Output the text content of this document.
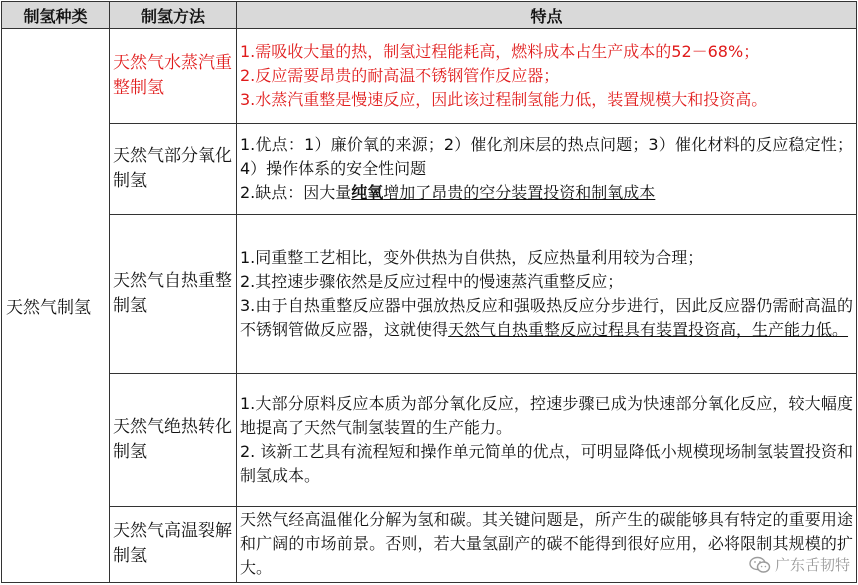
制氢种类	制氢方法	特点
天然气制氢	天然气水蒸汽重整制氢	1.需吸收大量的热，制氢过程能耗高，燃料成本占生产成本的52－68%；
2.反应需要昂贵的耐高温不锈钢管作反应器；
3.水蒸汽重整是慢速反应，因此该过程制氢能力低，装置规模大和投资高。

	天然气部分氧化制氢	1.优点：1）廉价氧的来源；2）催化剂床层的热点问题；3）催化材料的反应稳定性；4）操作体系的安全性问题
2.缺点：因大量纯氧增加了昂贵的空分装置投资和制氧成本

	天然气自热重整制氢	1.同重整工艺相比，变外供热为自供热，反应热量利用较为合理；
2.其控速步骤依然是反应过程中的慢速蒸汽重整反应；
3.由于自热重整反应器中强放热反应和强吸热反应分步进行，因此反应器仍需耐高温的不锈钢管做反应器，这就使得天然气自热重整反应过程具有装置投资高，生产能力低。

	天然气绝热转化制氢	1.大部分原料反应本质为部分氧化反应，控速步骤已成为快速部分氧化反应，较大幅度地提高了天然气制氢装置的生产能力。
2. 该新工艺具有流程短和操作单元简单的优点，可明显降低小规模现场制氢装置投资和制氢成本。

	天然气高温裂解制氢	天然气经高温催化分解为氢和碳。其关键问题是，所产生的碳能够具有特定的重要用途和广阔的市场前景。否则，若大量氢副产的碳不能得到很好应用，必将限制其规模的扩大。	广东舌韧特
